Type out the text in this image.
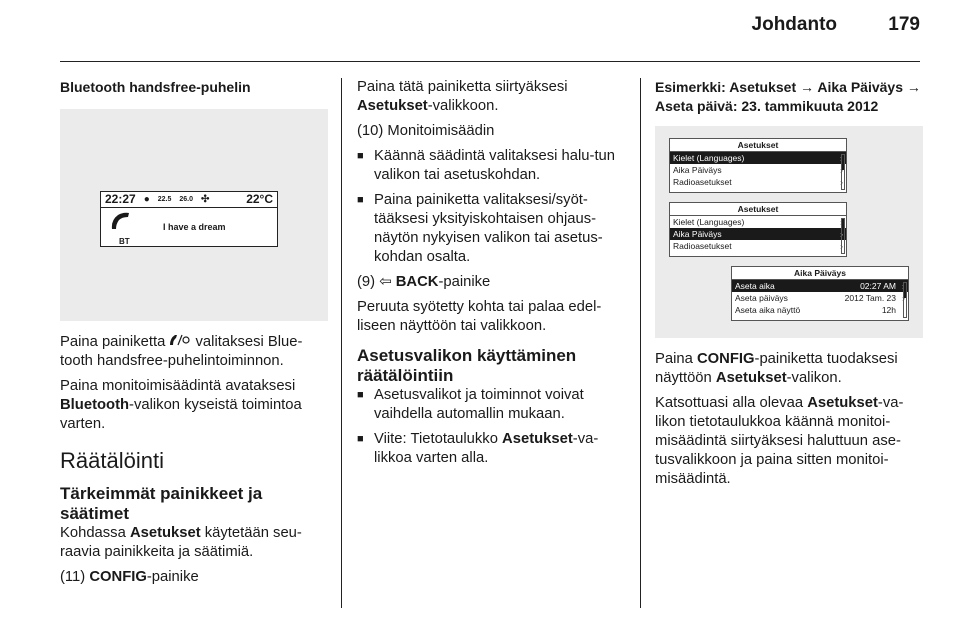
Johdanto	179
Bluetooth handsfree-puhelin
22:27 ● 22.5 26.0 ✣	22°C
BT
I have a dream

Paina painiketta  valitaksesi Blue-tooth handsfree-puhelintoiminnon.

Paina monitoimisäädintä avataksesi Bluetooth-valikon kyseistä toimintoa varten.

Räätälöinti
Tärkeimmät painikkeet ja säätimet

Kohdassa Asetukset käytetään seu-raavia painikkeita ja säätimiä.

(11) CONFIG-painike

Paina tätä painiketta siirtyäksesi
Asetukset-valikkoon.

(10) Monitoimisäädin

■ Käännä säädintä valitaksesi halu-tun valikon tai asetuskohdan.
■ Paina painiketta valitaksesi/syöt-tääksesi yksityiskohtaisen ohjaus-näytön nykyisen valikon tai asetus-kohdan osalta.

(9) ⇦ BACK-painike

Peruuta syötetty kohta tai palaa edel-liseen näyttöön tai valikkoon.

Asetusvalikon käyttäminen räätälöintiin
■ Asetusvalikot ja toiminnot voivat vaihdella automallin mukaan.
■ Viite: Tietotaulukko Asetukset-va-likkoa varten alla.
Esimerkki: Asetukset → Aika Päiväys → Aseta päivä: 23. tammikuuta 2012
Asetukset
Kielet (Languages)
Aika Päiväys
Radioasetukset	›
Asetukset
Kielet (Languages)
Aika Päiväys
Radioasetukset	›
Aika Päiväys
Aseta aika	02:27 AM
Aseta päiväys	2012 Tam. 23
Aseta aika näyttö	12h

Paina CONFIG-painiketta tuodaksesi näyttöön Asetukset-valikon.

Katsottuasi alla olevaa Asetukset-va-likon tietotaulukkoa käännä monitoi-misäädintä siirtyäksesi haluttuun ase-tusvalikkoon ja paina sitten monitoi-misäädintä.
